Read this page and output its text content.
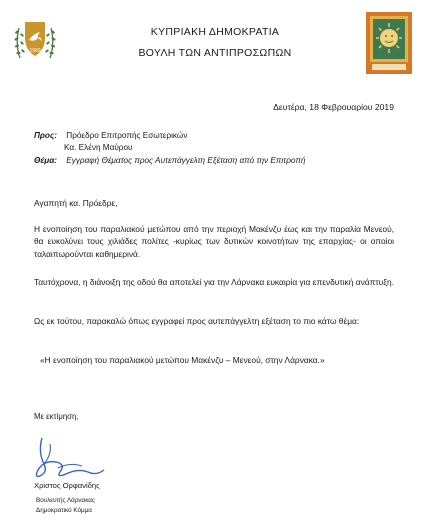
1960
ΚΥΠΡΙΑΚΗ ΔΗΜΟΚΡΑΤΙΑ
ΒΟΥΛΗ ΤΩΝ ΑΝΤΙΠΡΟΣΩΠΩΝ
Δευτέρα, 18 Φεβρουαρίου 2019
Προς: Πρόεδρο Επιτροπής Εσωτερικών
Κα. Ελένη Μαύρου
Θέμα: Εγγραφή Θέματος προς Αυτεπάγγελτη Εξέταση από την Επιτροπή
Αγαπητή κα. Πρόεδρε,
Η ενοποίηση του παραλιακού μετώπου από την περιοχή Μακένζυ έως και την παραλία Μενεού, θα ευκολύνει τους χιλιάδες πολίτες -κυρίως των δυτικών κοινοτήτων της επαρχίας- οι οποίοι ταλαιπωρούνται καθημερινά.
Ταυτόχρονα, η διάνοιξη της οδού θα αποτελεί για την Λάρνακα ευκαιρία για επενδυτική ανάπτυξη.
Ως εκ τούτου, παρακαλώ όπως εγγραφεί προς αυτεπάγγελτη εξέταση το πιο κάτω θέμα:
«Η ενοποίηση του παραλιακού μετώπου Μακένζυ – Μενεού, στην Λάρνακα.»
Με εκτίμηση,
Χρίστος Ορφανίδης
Βουλευτής Λάρνακας
Δημοκρατικό Κόμμα
